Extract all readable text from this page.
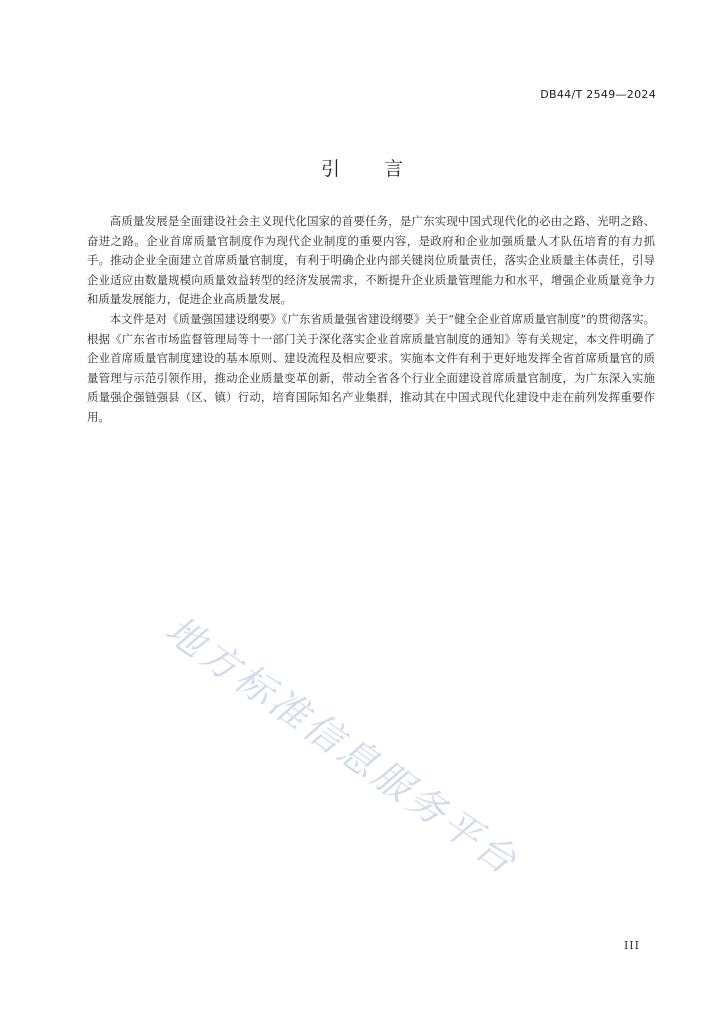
DB44/T 2549—2024
引言

高质量发展是全面建设社会主义现代化国家的首要任务，是广东实现中国式现代化的必由之路、光明之路、奋进之路。企业首席质量官制度作为现代企业制度的重要内容，是政府和企业加强质量人才队伍培育的有力抓手。推动企业全面建立首席质量官制度，有利于明确企业内部关键岗位质量责任，落实企业质量主体责任，引导企业适应由数量规模向质量效益转型的经济发展需求，不断提升企业质量管理能力和水平，增强企业质量竞争力和质量发展能力，促进企业高质量发展。

本文件是对《质量强国建设纲要》《广东省质量强省建设纲要》关于“健全企业首席质量官制度”的贯彻落实。根据《广东省市场监督管理局等十一部门关于深化落实企业首席质量官制度的通知》等有关规定，本文件明确了企业首席质量官制度建设的基本原则、建设流程及相应要求。实施本文件有利于更好地发挥全省首席质量官的质量管理与示范引领作用，推动企业质量变革创新，带动全省各个行业全面建设首席质量官制度，为广东深入实施质量强企强链强县（区、镇）行动，培育国际知名产业集群，推动其在中国式现代化建设中走在前列发挥重要作用。

地方标准信息服务平台
III
